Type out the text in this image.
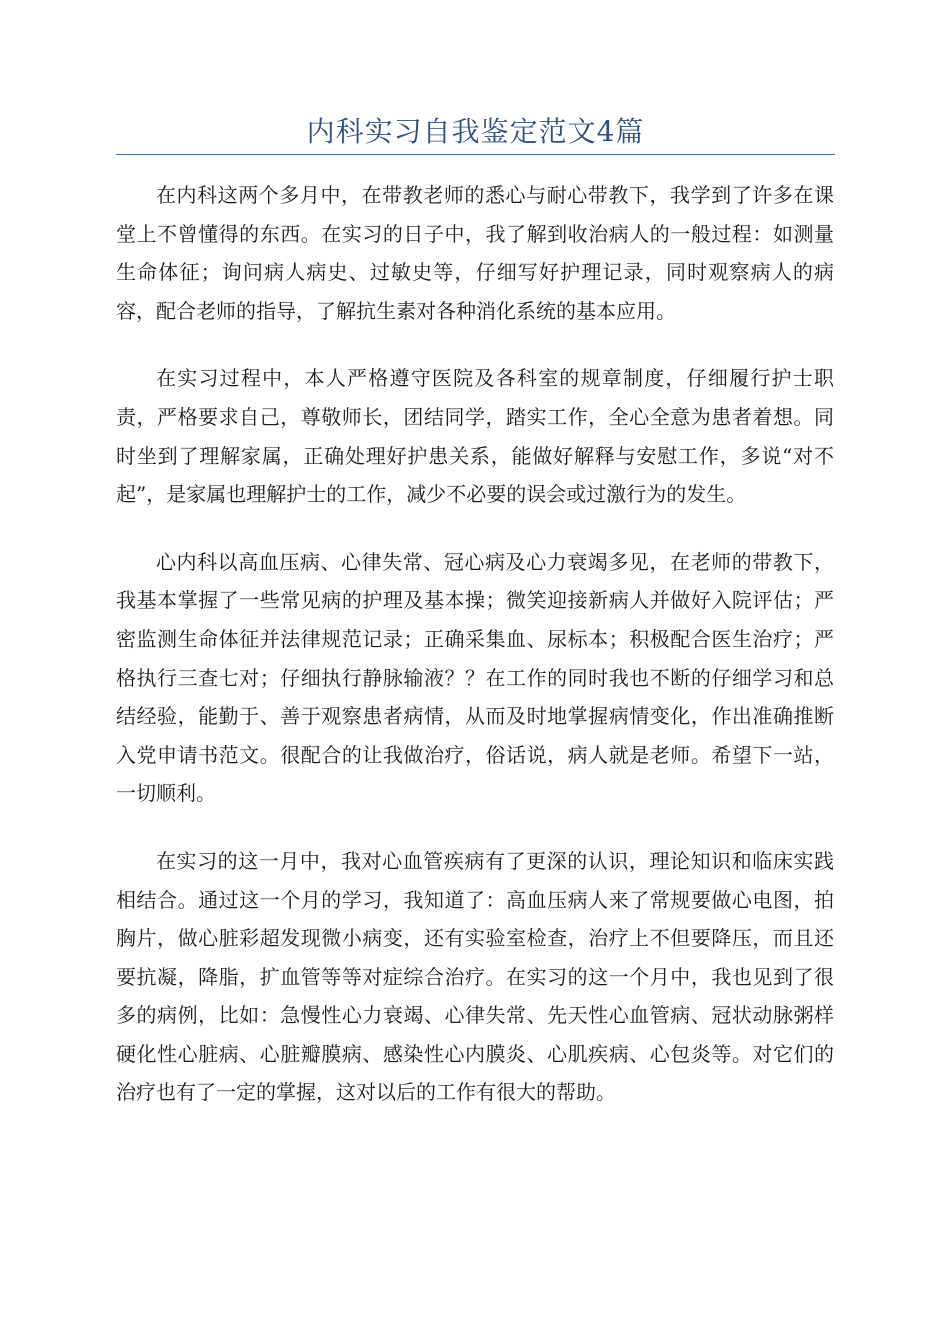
内科实习自我鉴定范文4篇

在内科这两个多月中，在带教老师的悉心与耐心带教下，我学到了许多在课堂上不曾懂得的东西。在实习的日子中，我了解到收治病人的一般过程：如测量生命体征；询问病人病史、过敏史等，仔细写好护理记录，同时观察病人的病容，配合老师的指导，了解抗生素对各种消化系统的基本应用。

在实习过程中，本人严格遵守医院及各科室的规章制度，仔细履行护士职责，严格要求自己，尊敬师长，团结同学，踏实工作，全心全意为患者着想。同时坐到了理解家属，正确处理好护患关系，能做好解释与安慰工作，多说“对不起”，是家属也理解护士的工作，减少不必要的误会或过激行为的发生。

心内科以高血压病、心律失常、冠心病及心力衰竭多见，在老师的带教下，我基本掌握了一些常见病的护理及基本操；微笑迎接新病人并做好入院评估；严密监测生命体征并法律规范记录；正确采集血、尿标本；积极配合医生治疗；严格执行三查七对；仔细执行静脉输液？？在工作的同时我也不断的仔细学习和总结经验，能勤于、善于观察患者病情，从而及时地掌握病情变化，作出准确推断入党申请书范文。很配合的让我做治疗，俗话说，病人就是老师。希望下一站，一切顺利。

在实习的这一月中，我对心血管疾病有了更深的认识，理论知识和临床实践相结合。通过这一个月的学习，我知道了：高血压病人来了常规要做心电图，拍胸片，做心脏彩超发现微小病变，还有实验室检查，治疗上不但要降压，而且还要抗凝，降脂，扩血管等等对症综合治疗。在实习的这一个月中，我也见到了很多的病例，比如：急慢性心力衰竭、心律失常、先天性心血管病、冠状动脉粥样硬化性心脏病、心脏瓣膜病、感染性心内膜炎、心肌疾病、心包炎等。对它们的治疗也有了一定的掌握，这对以后的工作有很大的帮助。
